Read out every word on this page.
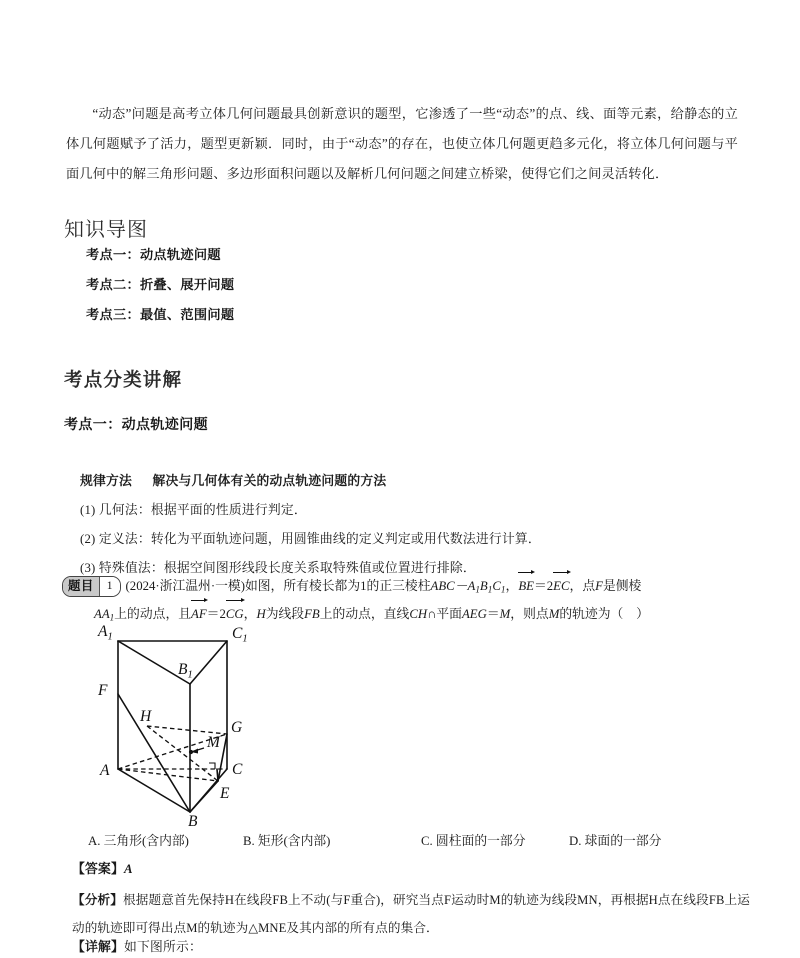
“动态”问题是高考立体几何问题最具创新意识的题型，它渗透了一些“动态”的点、线、面等元素，给静态的立体几何题赋予了活力，题型更新颖．同时，由于“动态”的存在，也使立体几何题更趋多元化，将立体几何问题与平面几何中的解三角形问题、多边形面积问题以及解析几何问题之间建立桥梁，使得它们之间灵活转化．

知识导图
考点一：动点轨迹问题
考点二：折叠、展开问题
考点三：最值、范围问题
考点分类讲解
考点一：动点轨迹问题
规律方法 解决与几何体有关的动点轨迹问题的方法
(1) 几何法：根据平面的性质进行判定．
(2) 定义法：转化为平面轨迹问题，用圆锥曲线的定义判定或用代数法进行计算．
(3) 特殊值法：根据空间图形线段长度关系取特殊值或位置进行排除．
题目	1	(2024·浙江温州·一模)如图，所有棱长都为1的正三棱柱$ABC-A_1B_1C_1$，
BE＝2
EC，点F是侧棱
$AA_1$上的动点，且
AF＝2
CG，H为线段FB上的动点，直线CH∩平面AEG＝M，则点M的轨迹为（ ）
$A_1$	$C_1$
$B_1$
F
H
G
M
A	C
E
B
A. 三角形(含内部)	B. 矩形(含内部)	C. 圆柱面的一部分	D. 球面的一部分
【答案】A
【分析】根据题意首先保持H在线段FB上不动(与F重合)，研究当点F运动时M的轨迹为线段MN，再根据H点在线段FB上运动的轨迹即可得出点M的轨迹为△MNE及其内部的所有点的集合．
【详解】如下图所示：
